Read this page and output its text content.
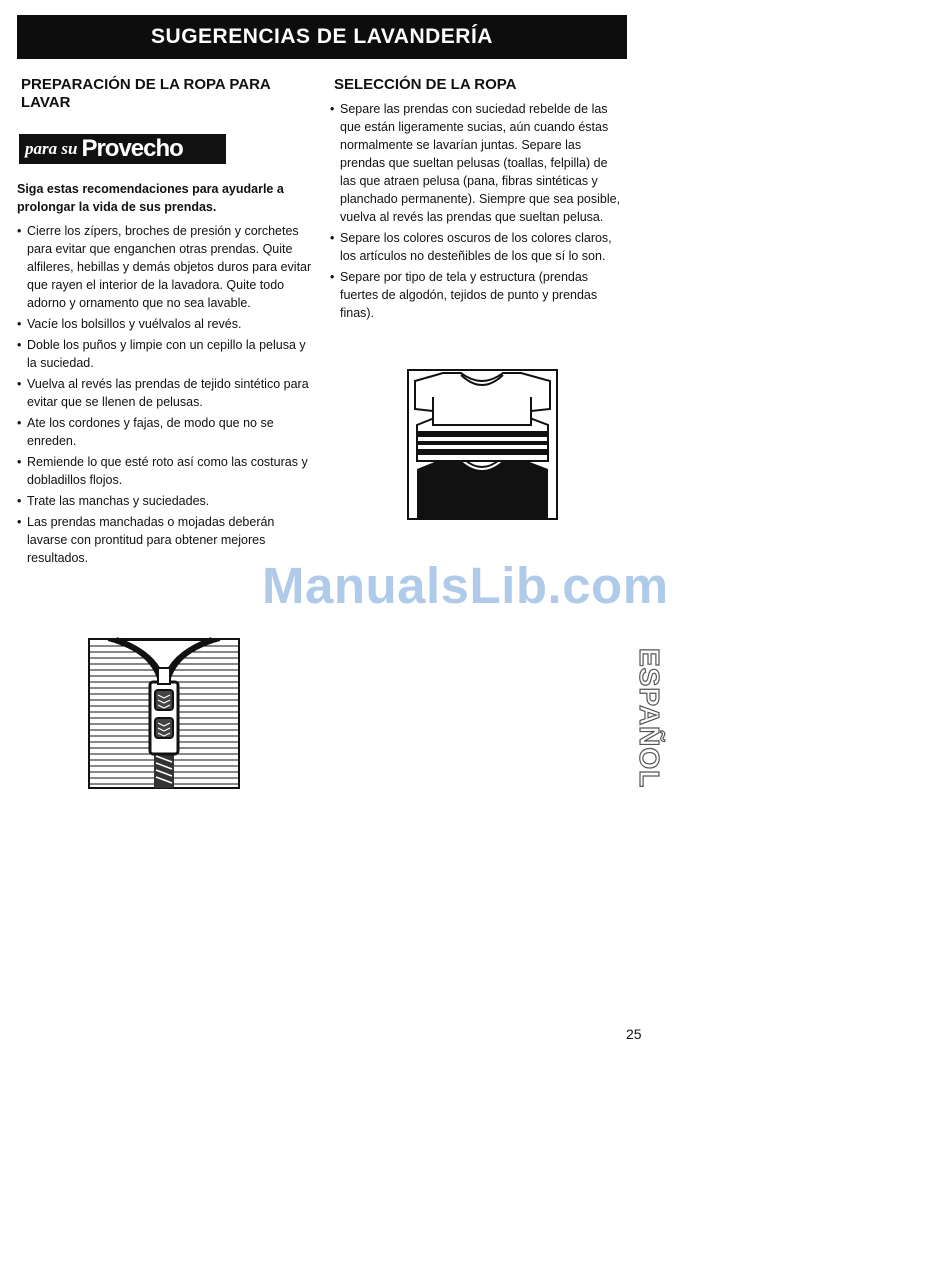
SUGERENCIAS DE LAVANDERÍA
PREPARACIÓN DE LA ROPA PARA LAVAR
para su Provecho

Siga estas recomendaciones para ayudarle a prolongar la vida de sus prendas.

• Cierre los zípers, broches de presión y corchetes para evitar que enganchen otras prendas. Quite alfileres, hebillas y demás objetos duros para evitar que rayen el interior de la lavadora. Quite todo adorno y ornamento que no sea lavable.
• Vacíe los bolsillos y vuélvalos al revés.
• Doble los puños y limpie con un cepillo la pelusa y la suciedad.
• Vuelva al revés las prendas de tejido sintético para evitar que se llenen de pelusas.
• Ate los cordones y fajas, de modo que no se enreden.
• Remiende lo que esté roto así como las costuras y dobladillos flojos.
• Trate las manchas y suciedades.
• Las prendas manchadas o mojadas deberán lavarse con prontitud para obtener mejores resultados.
SELECCIÓN DE LA ROPA
• Separe las prendas con suciedad rebelde de las que están ligeramente sucias, aún cuando éstas normalmente se lavarían juntas. Separe las prendas que sueltan pelusas (toallas, felpilla) de las que atraen pelusa (pana, fibras sintéticas y planchado permanente). Siempre que sea posible, vuelva al revés las prendas que sueltan pelusa.
• Separe los colores oscuros de los colores claros, los artículos no desteñibles de los que sí lo son.
• Separe por tipo de tela y estructura (prendas fuertes de algodón, tejidos de punto y prendas finas).
ESPAÑOL
ManualsLib.com
25
